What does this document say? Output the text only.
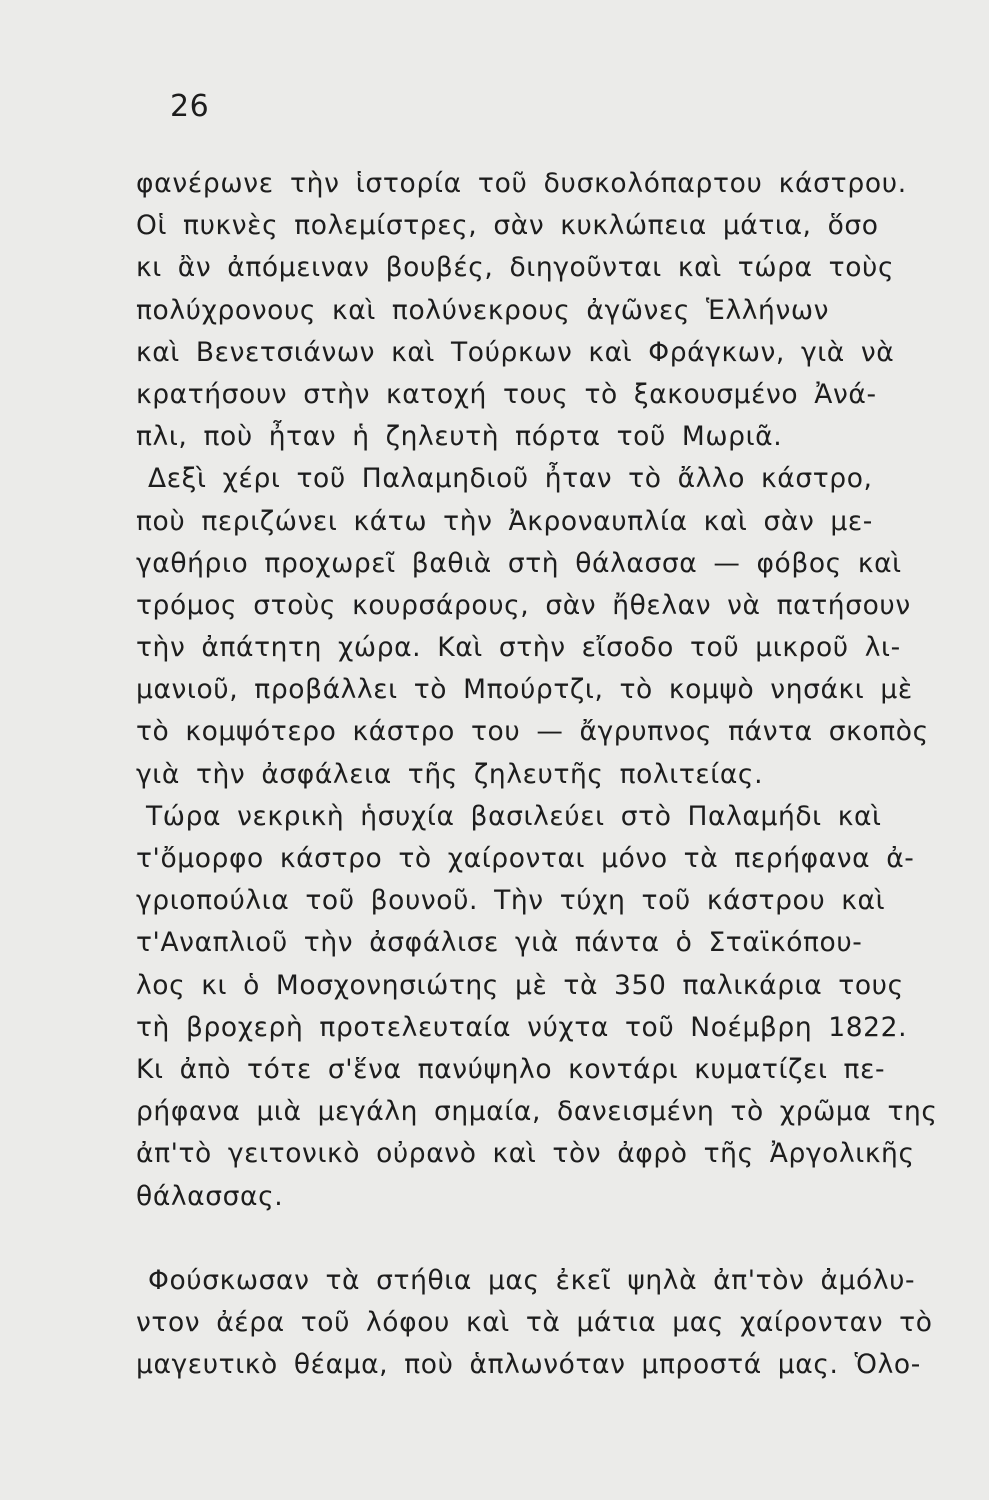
26
φανέρωνε τὴν ἱστορία τοῦ δυσκολόπαρτου κάστρου.
Οἱ πυκνὲς πολεμίστρες, σὰν κυκλώπεια μάτια, ὅσο
κι ἂν ἀπόμειναν βουβές, διηγοῦνται καὶ τώρα τοὺς
πολύχρονους καὶ πολύνεκρους ἀγῶνες Ἑλλήνων
καὶ Βενετσιάνων καὶ Τούρκων καὶ Φράγκων, γιὰ νὰ
κρατήσουν στὴν κατοχή τους τὸ ξακουσμένο Ἀνά-
πλι, ποὺ ἦταν ἡ ζηλευτὴ πόρτα τοῦ Μωριᾶ.
Δεξὶ χέρι τοῦ Παλαμηδιοῦ ἦταν τὸ ἄλλο κάστρο,
ποὺ περιζώνει κάτω τὴν Ἀκροναυπλία καὶ σὰν με-
γαθήριο προχωρεῖ βαθιὰ στὴ θάλασσα — φόβος καὶ
τρόμος στοὺς κουρσάρους, σὰν ἤθελαν νὰ πατήσουν
τὴν ἀπάτητη χώρα. Καὶ στὴν εἴσοδο τοῦ μικροῦ λι-
μανιοῦ, προβάλλει τὸ Μπούρτζι, τὸ κομψὸ νησάκι μὲ
τὸ κομψότερο κάστρο του — ἄγρυπνος πάντα σκοπὸς
γιὰ τὴν ἀσφάλεια τῆς ζηλευτῆς πολιτείας.
Τώρα νεκρικὴ ἡσυχία βασιλεύει στὸ Παλαμήδι καὶ
τ'ὄμορφο κάστρο τὸ χαίρονται μόνο τὰ περήφανα ἀ-
γριοπούλια τοῦ βουνοῦ. Τὴν τύχη τοῦ κάστρου καὶ
τ'Αναπλιοῦ τὴν ἀσφάλισε γιὰ πάντα ὁ Σταϊκόπου-
λος κι ὁ Μοσχονησιώτης μὲ τὰ 350 παλικάρια τους
τὴ βροχερὴ προτελευταία νύχτα τοῦ Νοέμβρη 1822.
Κι ἀπὸ τότε σ'ἕνα πανύψηλο κοντάρι κυματίζει πε-
ρήφανα μιὰ μεγάλη σημαία, δανεισμένη τὸ χρῶμα της
ἀπ'τὸ γειτονικὸ οὐρανὸ καὶ τὸν ἀφρὸ τῆς Ἀργολικῆς
θάλασσας.
Φούσκωσαν τὰ στήθια μας ἐκεῖ ψηλὰ ἀπ'τὸν ἀμόλυ-
ντον ἀέρα τοῦ λόφου καὶ τὰ μάτια μας χαίρονταν τὸ
μαγευτικὸ θέαμα, ποὺ ἁπλωνόταν μπροστά μας. Ὁλο-
